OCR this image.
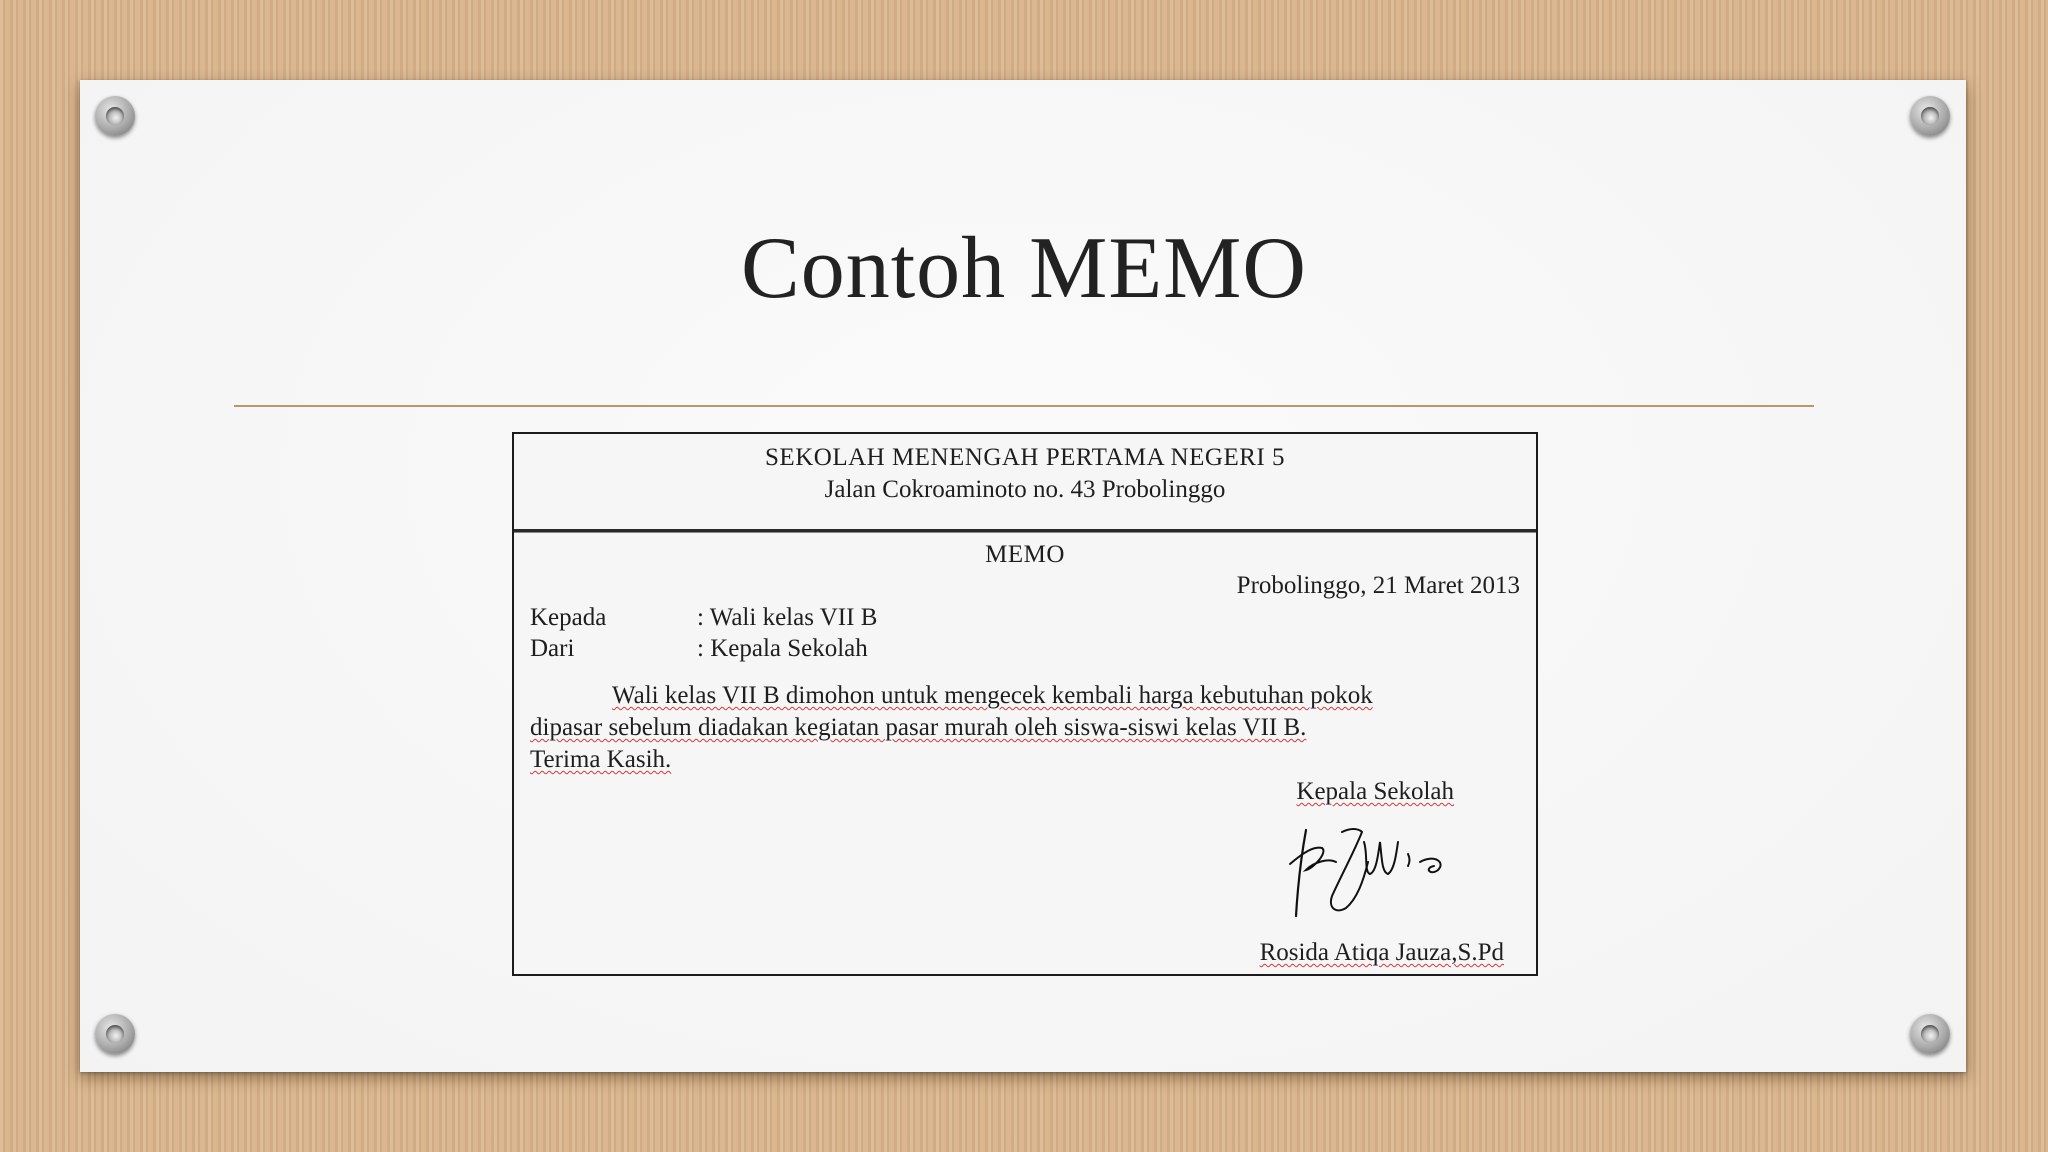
Contoh MEMO
SEKOLAH MENENGAH PERTAMA NEGERI 5
Jalan Cokroaminoto no. 43 Probolinggo
MEMO
Probolinggo, 21 Maret 2013
Kepada	: Wali kelas VII B
Dari	: Kepala Sekolah
Wali kelas VII B dimohon untuk mengecek kembali harga kebutuhan pokok
dipasar sebelum diadakan kegiatan pasar murah oleh siswa-siswi kelas VII B.
Terima Kasih.
Kepala Sekolah
Rosida Atiqa Jauza,S.Pd
